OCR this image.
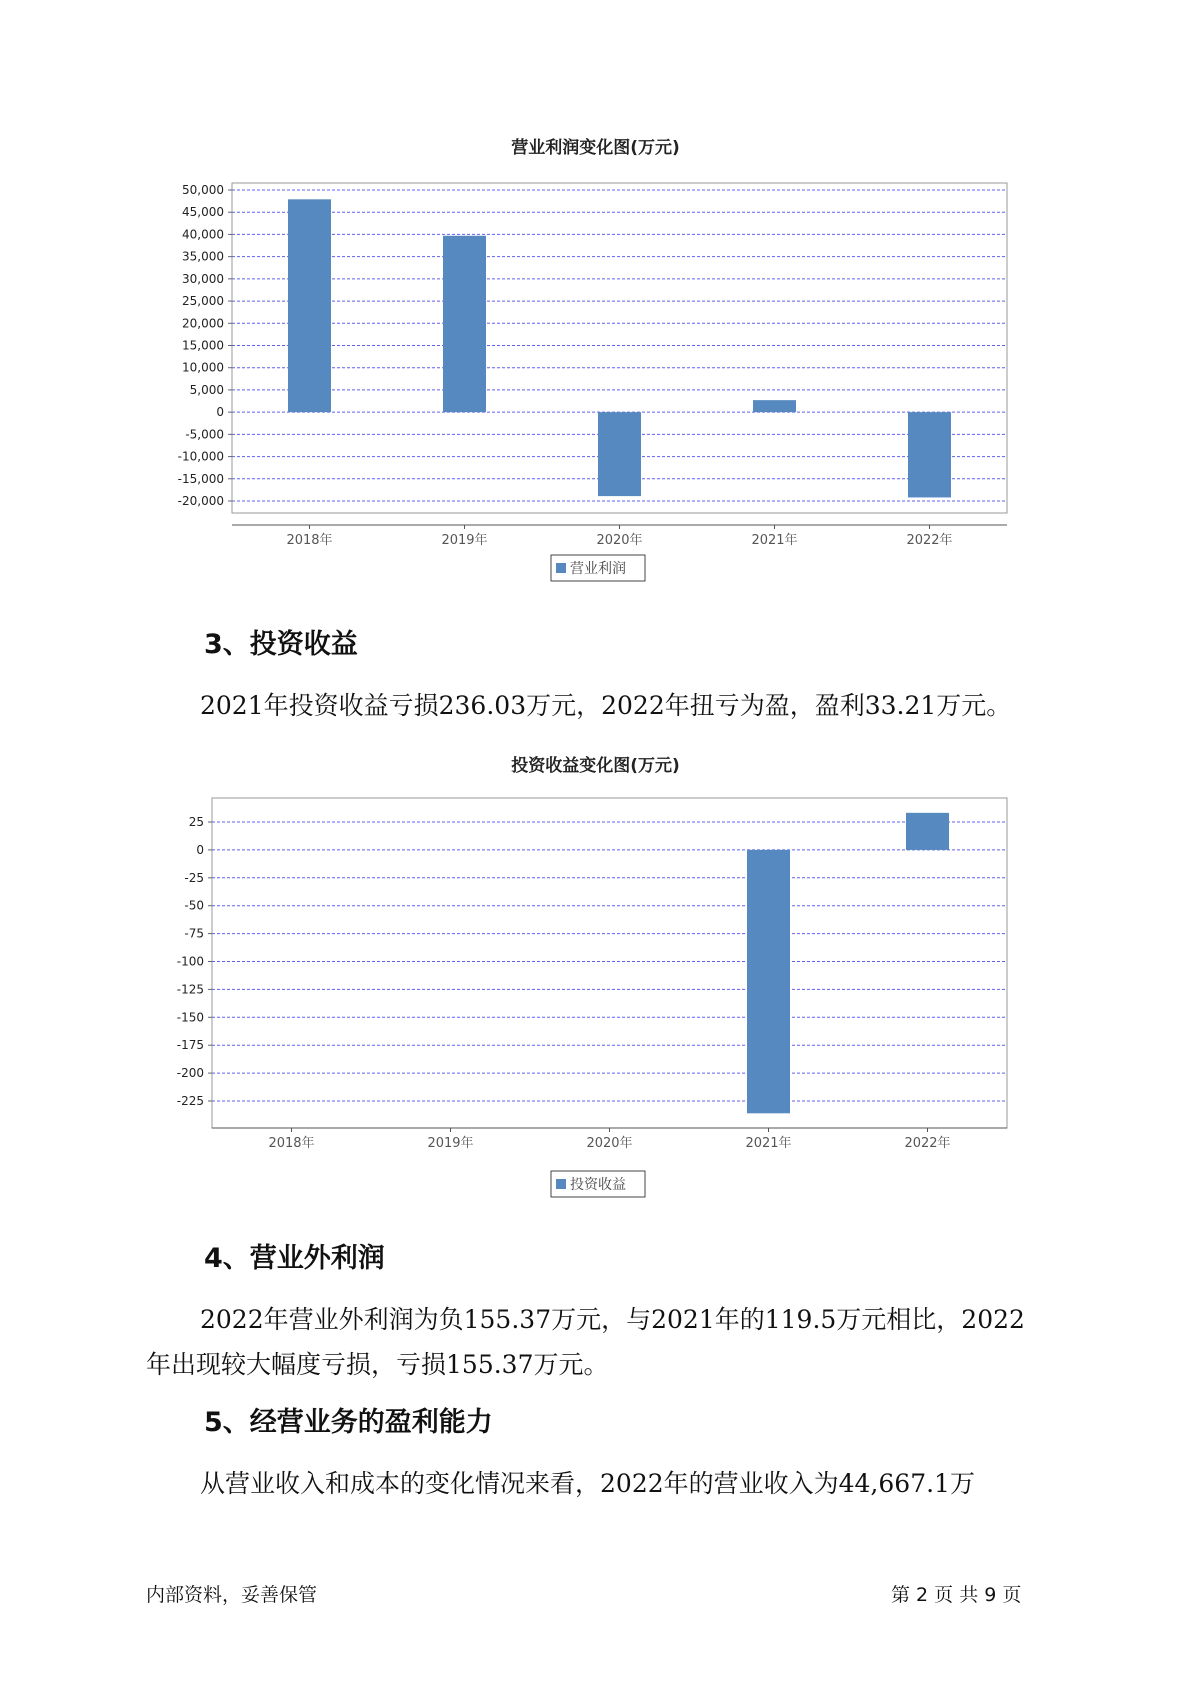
营业利润变化图(万元)
50,000
45,000
40,000
35,000
30,000
25,000
20,000
15,000
10,000
5,000
0
-5,000
-10,000
-15,000
-20,000
2018年	2019年	2020年	2021年	2022年
营业利润
3、投资收益
2021年投资收益亏损236.03万元，2022年扭亏为盈，盈利33.21万元。
投资收益变化图(万元)
25
0
-25
-50
-75
-100
-125
-150
-175
-200
-225
2018年	2019年	2020年	2021年	2022年
投资收益
4、营业外利润
2022年营业外利润为负155.37万元，与2021年的119.5万元相比，2022
年出现较大幅度亏损，亏损155.37万元。
5、经营业务的盈利能力
从营业收入和成本的变化情况来看，2022年的营业收入为44,667.1万
内部资料，妥善保管	第 2 页 共 9 页
